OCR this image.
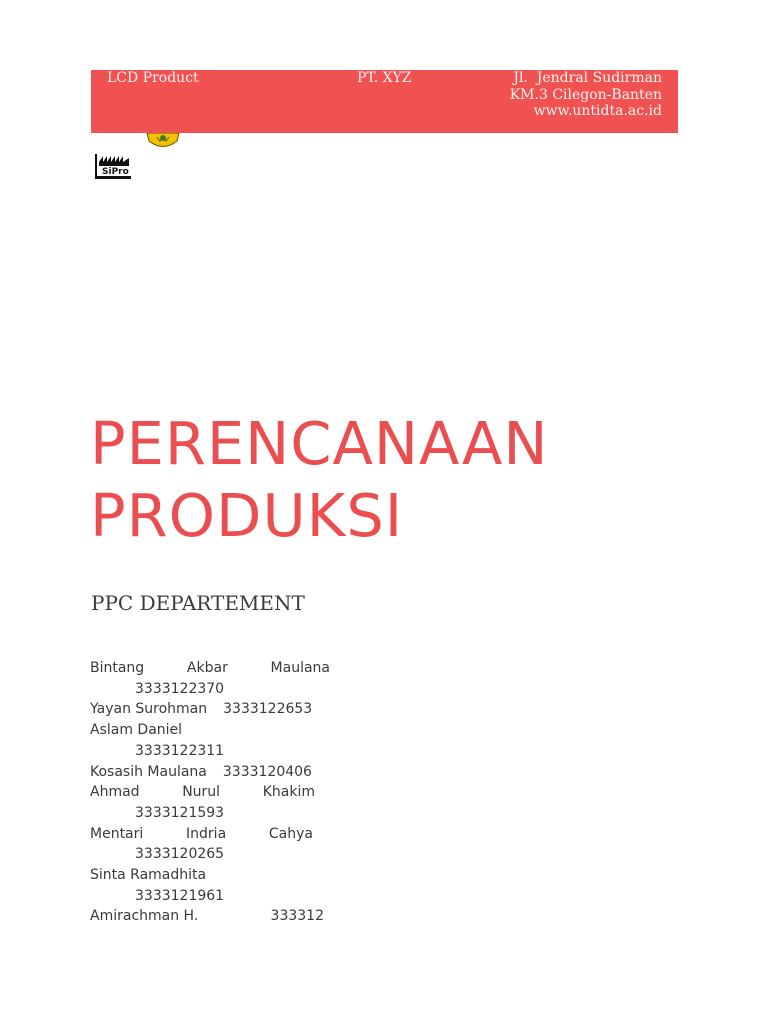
LCD Product	PT. XYZ	Jl.  Jendral Sudirman
KM.3 Cilegon-Banten
www.untidta.ac.id
SiPro
PERENCANAAN
PRODUKSI
PPC DEPARTEMENT
Bintang	Akbar	Maulana
3333122370
Yayan Surohman 3333122653
Aslam Daniel
3333122311
Kosasih Maulana 3333120406
Ahmad	Nurul	Khakim
3333121593
Mentari	Indria	Cahya
3333120265
Sinta Ramadhita
3333121961
Amirachman H.	333312
